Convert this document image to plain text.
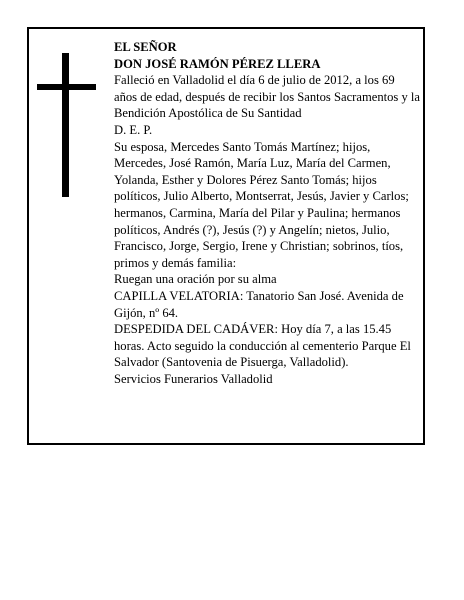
EL SEÑOR

DON JOSÉ RAMÓN PÉREZ LLERA

Falleció en Valladolid el día 6 de julio de 2012, a los 69 años de edad, después de recibir los Santos Sacramentos y la Bendición Apostólica de Su Santidad

D. E. P.

Su esposa, Mercedes Santo Tomás Martínez; hijos, Mercedes, José Ramón, María Luz, María del Carmen, Yolanda, Esther y Dolores Pérez Santo Tomás; hijos políticos, Julio Alberto, Montserrat, Jesús, Javier y Carlos; hermanos, Carmina, María del Pilar y Paulina; hermanos políticos, Andrés (?), Jesús (?) y Angelín; nietos, Julio, Francisco, Jorge, Sergio, Irene y Christian; sobrinos, tíos, primos y demás familia:

Ruegan una oración por su alma

CAPILLA VELATORIA: Tanatorio San José. Avenida de Gijón, nº 64.

DESPEDIDA DEL CADÁVER: Hoy día 7, a las 15.45 horas. Acto seguido la conducción al cementerio Parque El Salvador (Santovenia de Pisuerga, Valladolid).

Servicios Funerarios Valladolid
